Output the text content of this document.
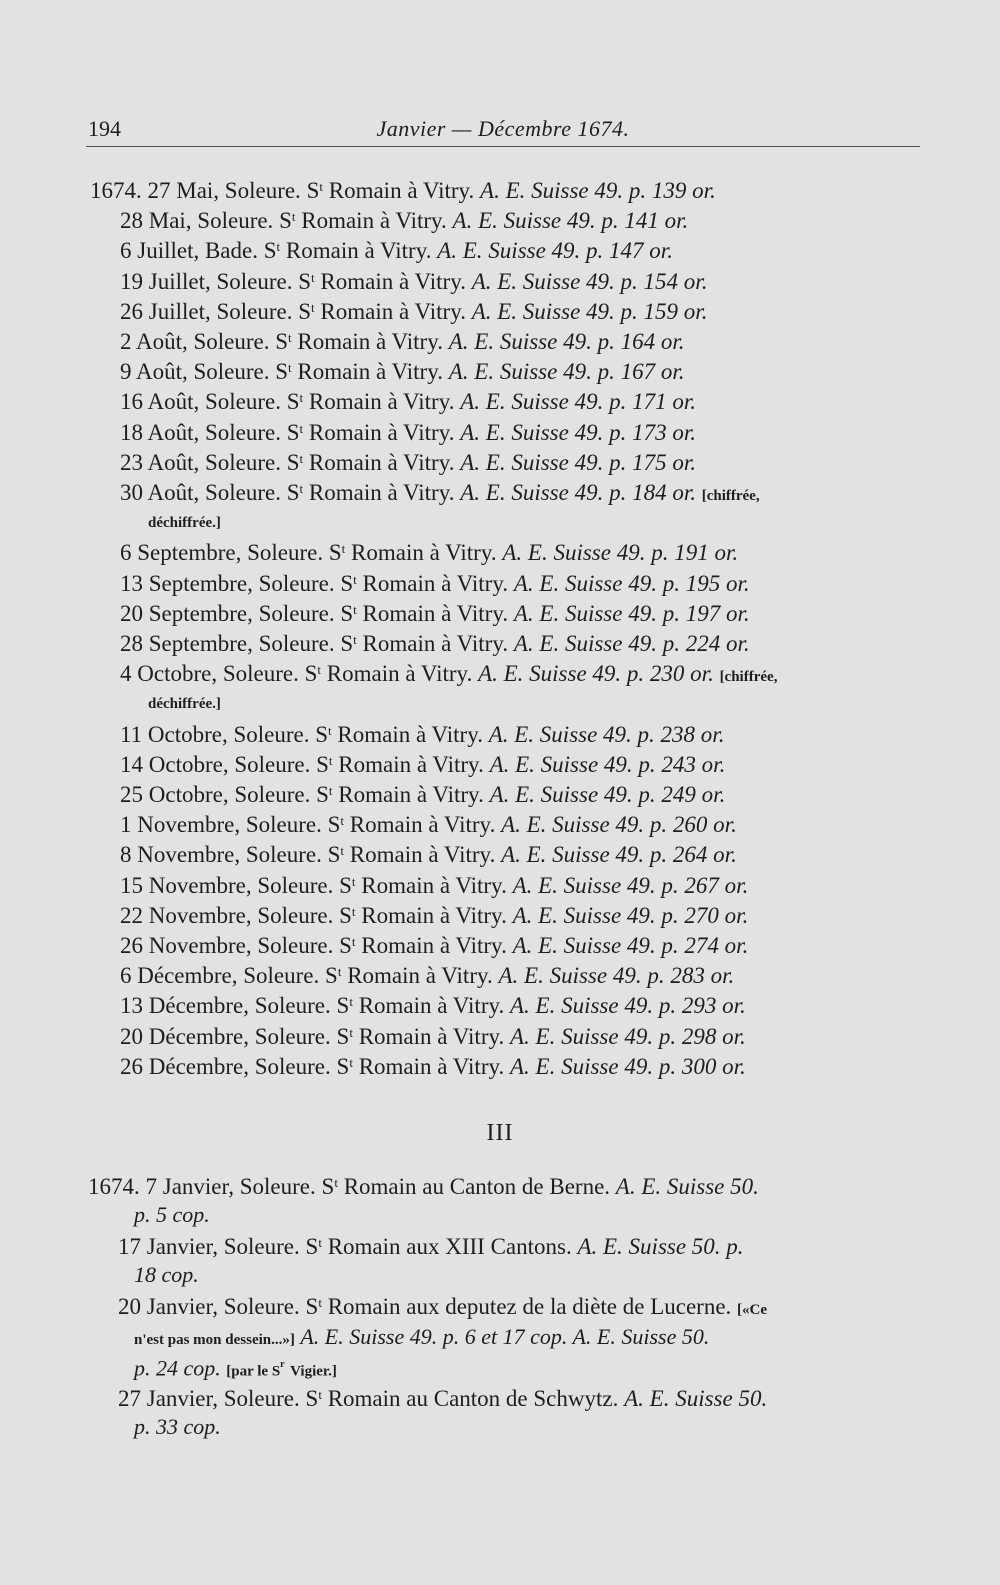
194	Janvier — Décembre 1674.
1674. 27 Mai, Soleure. $S^t$ Romain à Vitry. A. E. Suisse 49. p. 139 or.
28 Mai, Soleure. $S^t$ Romain à Vitry. A. E. Suisse 49. p. 141 or.
6 Juillet, Bade. $S^t$ Romain à Vitry. A. E. Suisse 49. p. 147 or.
19 Juillet, Soleure. $S^t$ Romain à Vitry. A. E. Suisse 49. p. 154 or.
26 Juillet, Soleure. $S^t$ Romain à Vitry. A. E. Suisse 49. p. 159 or.
2 Août, Soleure. $S^t$ Romain à Vitry. A. E. Suisse 49. p. 164 or.
9 Août, Soleure. $S^t$ Romain à Vitry. A. E. Suisse 49. p. 167 or.
16 Août, Soleure. $S^t$ Romain à Vitry. A. E. Suisse 49. p. 171 or.
18 Août, Soleure. $S^t$ Romain à Vitry. A. E. Suisse 49. p. 173 or.
23 Août, Soleure. $S^t$ Romain à Vitry. A. E. Suisse 49. p. 175 or.
30 Août, Soleure. $S^t$ Romain à Vitry. A. E. Suisse 49. p. 184 or. [chiffrée,
déchiffrée.]
6 Septembre, Soleure. $S^t$ Romain à Vitry. A. E. Suisse 49. p. 191 or.
13 Septembre, Soleure. $S^t$ Romain à Vitry. A. E. Suisse 49. p. 195 or.
20 Septembre, Soleure. $S^t$ Romain à Vitry. A. E. Suisse 49. p. 197 or.
28 Septembre, Soleure. $S^t$ Romain à Vitry. A. E. Suisse 49. p. 224 or.
4 Octobre, Soleure. $S^t$ Romain à Vitry. A. E. Suisse 49. p. 230 or. [chiffrée,
déchiffrée.]
11 Octobre, Soleure. $S^t$ Romain à Vitry. A. E. Suisse 49. p. 238 or.
14 Octobre, Soleure. $S^t$ Romain à Vitry. A. E. Suisse 49. p. 243 or.
25 Octobre, Soleure. $S^t$ Romain à Vitry. A. E. Suisse 49. p. 249 or.
1 Novembre, Soleure. $S^t$ Romain à Vitry. A. E. Suisse 49. p. 260 or.
8 Novembre, Soleure. $S^t$ Romain à Vitry. A. E. Suisse 49. p. 264 or.
15 Novembre, Soleure. $S^t$ Romain à Vitry. A. E. Suisse 49. p. 267 or.
22 Novembre, Soleure. $S^t$ Romain à Vitry. A. E. Suisse 49. p. 270 or.
26 Novembre, Soleure. $S^t$ Romain à Vitry. A. E. Suisse 49. p. 274 or.
6 Décembre, Soleure. $S^t$ Romain à Vitry. A. E. Suisse 49. p. 283 or.
13 Décembre, Soleure. $S^t$ Romain à Vitry. A. E. Suisse 49. p. 293 or.
20 Décembre, Soleure. $S^t$ Romain à Vitry. A. E. Suisse 49. p. 298 or.
26 Décembre, Soleure. $S^t$ Romain à Vitry. A. E. Suisse 49. p. 300 or.
III
1674. 7 Janvier, Soleure. $S^t$ Romain au Canton de Berne. A. E. Suisse 50.
p. 5 cop.
17 Janvier, Soleure. $S^t$ Romain aux XIII Cantons. A. E. Suisse 50. p.
18 cop.
20 Janvier, Soleure. $S^t$ Romain aux deputez de la diète de Lucerne. [«Ce
n'est pas mon dessein...»] A. E. Suisse 49. p. 6 et 17 cop. A. E. Suisse 50.
p. 24 cop. [par le $S^r$ Vigier.]
27 Janvier, Soleure. $S^t$ Romain au Canton de Schwytz. A. E. Suisse 50.
p. 33 cop.
